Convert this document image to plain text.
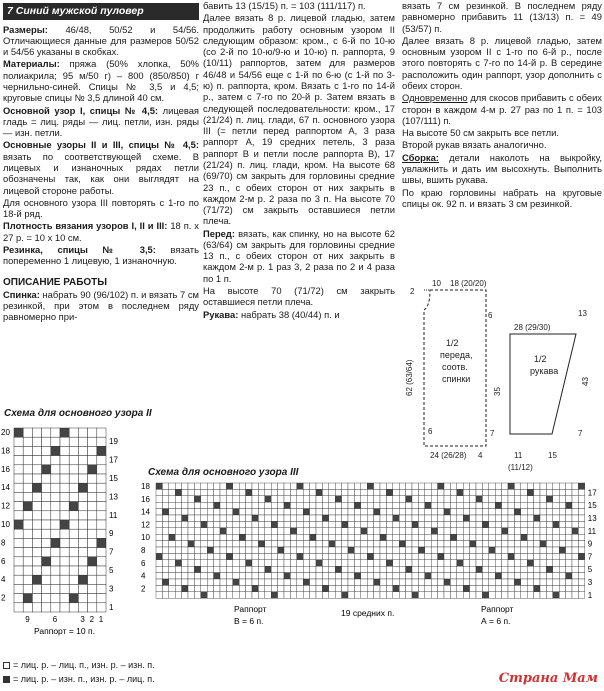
7 Синий мужской пуловер

Размеры: 46/48, 50/52 и 54/56. Отличающиеся данные для размеров 50/52 и 54/56 указаны в скобках.

Материалы: пряжа (50% хлопка, 50% полиакрила; 95 м/50 г) – 800 (850/850) г чернильно-синей. Спицы № 3,5 и 4,5; круговые спицы № 3,5 длиной 40 см.

Основной узор I, спицы № 4,5: лицевая гладь = лиц. ряды — лиц. петли, изн. ряды — изн. петли.

Основные узоры II и III, спицы № 4,5: вязать по соответствующей схеме. В лицевых и изнаночных рядах петли обозначены так, как они выглядят на лицевой стороне работы.

Для основного узора III повторять с 1-го по 18-й ряд.

Плотность вязания узоров I, II и III: 18 п. x 27 р. = 10 x 10 см.

Резинка, спицы № 3,5: вязать попеременно 1 лицевую, 1 изнаночную.

ОПИСАНИЕ РАБОТЫ

Спинка: набрать 90 (96/102) п. и вязать 7 см резинкой, при этом в последнем ряду равномерно при-

бавить 13 (15/15) п. = 103 (111/117) п.

Далее вязать 8 р. лицевой гладью, затем продолжить работу основным узором II следующим образом: кром., с 6-й по 10-ю (со 2-й по 10-ю/9-ю и 10-ю) п. раппорта, 9 (10/11) раппортов, затем для размеров 46/48 и 54/56 еще с 1-й по 6-ю (с 1-й по 3-ю) п. раппорта, кром. Вязать с 1-го по 14-й р., затем с 7-го по 20-й р. Затем вязать в следующей последовательности: кром., 17 (21/24) п. лиц. глади, 67 п. основного узора III (= петли перед раппортом А, 3 раза раппорт А, 19 средних петель, 3 раза раппорт В и петли после раппорта В), 17 (21/24) п. лиц. глади, кром. На высоте 68 (69/70) см закрыть для горловины средние 23 п., с обеих сторон от них закрыть в каждом 2-м р. 2 раза по 3 п. На высоте 70 (71/72) см закрыть оставшиеся петли плеча.

Перед: вязать, как спинку, но на высоте 62 (63/64) см закрыть для горловины средние 13 п., с обеих сторон от них закрыть в каждом 2-м р. 1 раз 3, 2 раза по 2 и 4 раза по 1 п.

На высоте 70 (71/72) см закрыть оставшиеся петли плеча.

Рукава: набрать 38 (40/44) п. и

вязать 7 см резинкой. В последнем ряду равномерно прибавить 11 (13/13) п. = 49 (53/57) п.

Далее вязать 8 р. лицевой гладью, затем основным узором II с 1-го по 6-й р., после этого повторять с 7-го по 14-й р. В середине расположить один раппорт, узор дополнить с обеих сторон.

Одновременно для скосов прибавить с обеих сторон в каждом 4-м р. 27 раз по 1 п. = 103 (107/111) п.

На высоте 50 см закрыть все петли.

Второй рукав вязать аналогично.

Сборка: детали наколоть на выкройку, увлажнить и дать им высохнуть. Выполнить швы, вшить рукава.

По краю горловины набрать на круговые спицы ок. 92 п. и вязать 3 см резинкой.

10 18 (20/20)
1/2
переда,
соотв.
спинки
28 (29/30)
1/2
рукава
2
62 (63/64)
6
6
35
7
43
7
24 (26/28) 4	11	15
(11/12)
13
Схема для основного узора II
20
18
16
14
12
10
8
6
4
2
19
17
15
13
11
9
7
5
3
1
9	6	3 2 1
Раппорт = 10 п.
Схема для основного узора III
18
16
14
12
10
8
6
4
2
17
15
13
11
9
7
5
3
1
Раппорт
В = 6 п.
19 средних п.	Раппорт
А = 6 п.
= лиц. р. – лиц. п., изн. р. – изн. п.
= лиц. р. – изн. п., изн. р. – лиц. п.	Страна Мам
